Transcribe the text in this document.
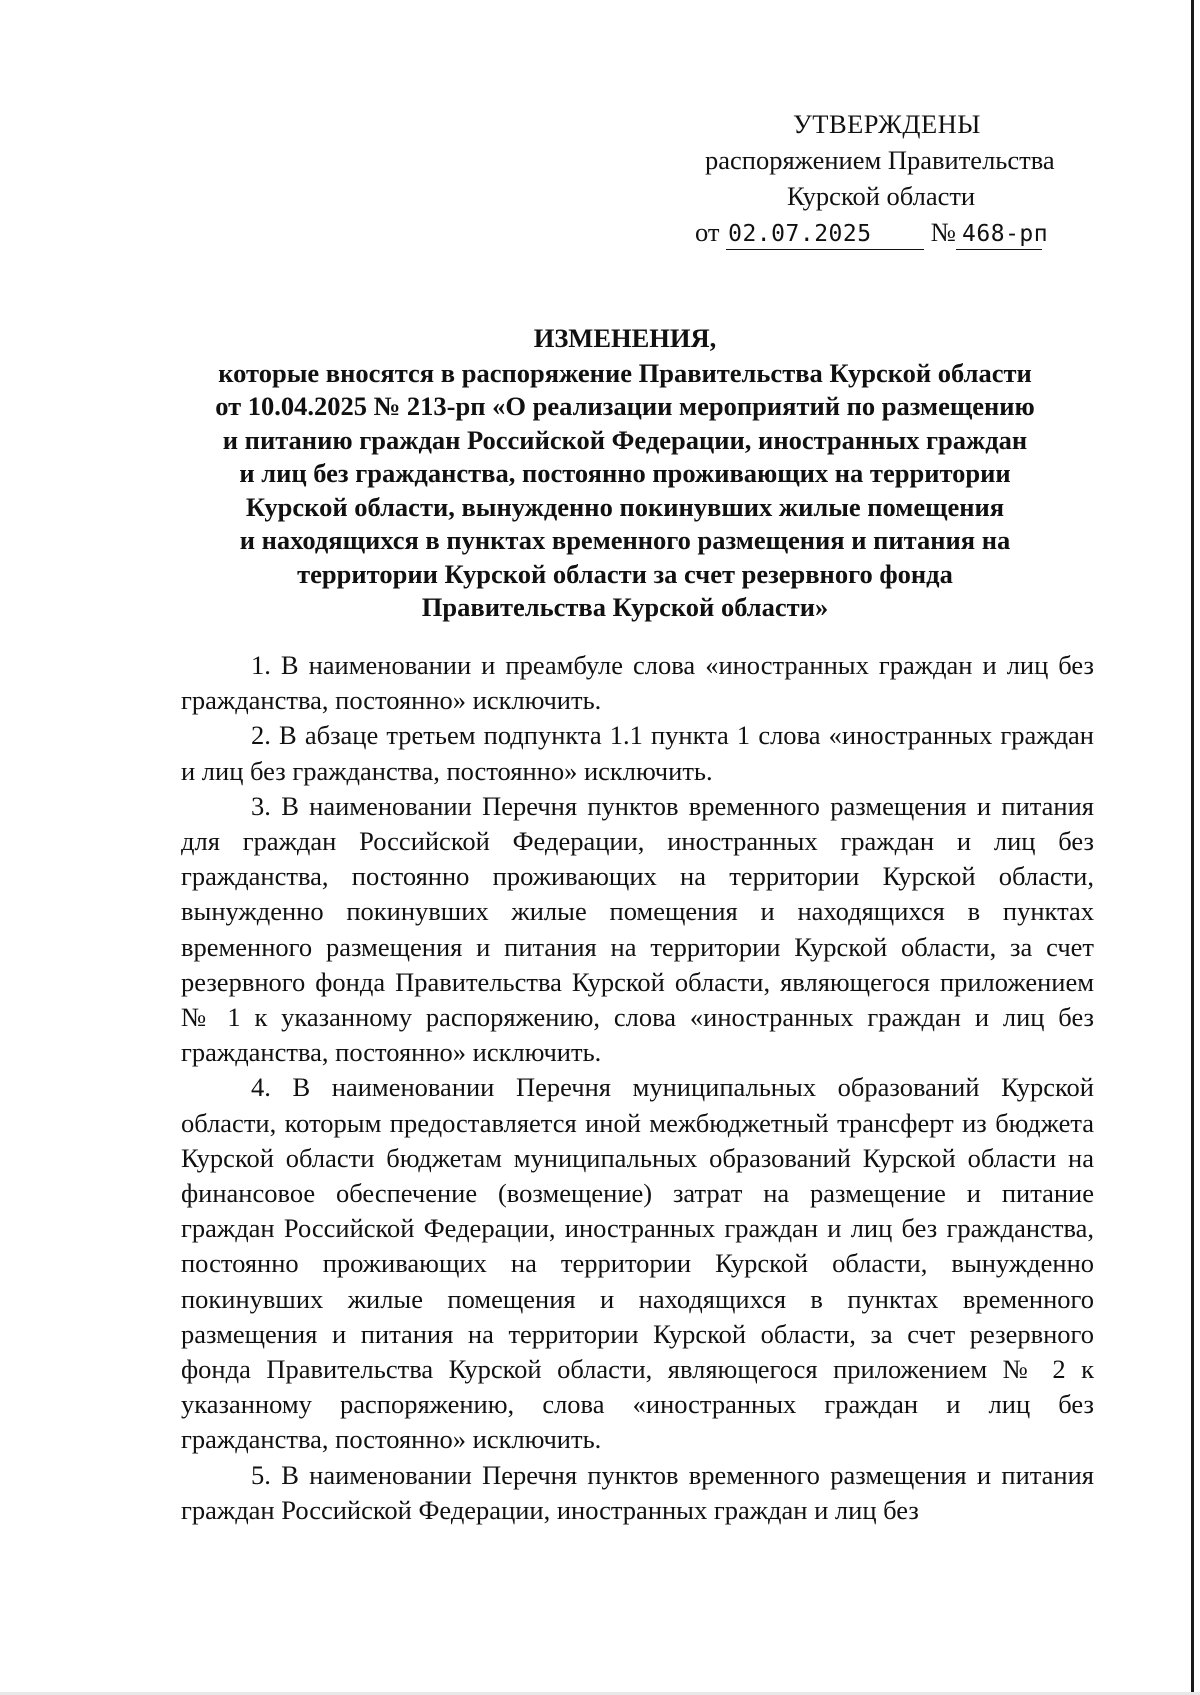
УТВЕРЖДЕНЫ
распоряжением Правительства
Курской области
от 02.07.2025 № 468-рп
ИЗМЕНЕНИЯ,
которые вносятся в распоряжение Правительства Курской области
от 10.04.2025 № 213-рп «О реализации мероприятий по размещению
и питанию граждан Российской Федерации, иностранных граждан
и лиц без гражданства, постоянно проживающих на территории
Курской области, вынужденно покинувших жилые помещения
и находящихся в пунктах временного размещения и питания на
территории Курской области за счет резервного фонда
Правительства Курской области»

1. В наименовании и преамбуле слова «иностранных граждан и лиц без гражданства, постоянно» исключить.

2. В абзаце третьем подпункта 1.1 пункта 1 слова «иностранных граждан и лиц без гражданства, постоянно» исключить.

3. В наименовании Перечня пунктов временного размещения и питания для граждан Российской Федерации, иностранных граждан и лиц без гражданства, постоянно проживающих на территории Курской области, вынужденно покинувших жилые помещения и находящихся в пунктах временного размещения и питания на территории Курской области, за счет резервного фонда Правительства Курской области, являющегося приложением № 1 к указанному распоряжению, слова «иностранных граждан и лиц без гражданства, постоянно» исключить.

4. В наименовании Перечня муниципальных образований Курской области, которым предоставляется иной межбюджетный трансферт из бюджета Курской области бюджетам муниципальных образований Курской области на финансовое обеспечение (возмещение) затрат на размещение и питание граждан Российской Федерации, иностранных граждан и лиц без гражданства, постоянно проживающих на территории Курской области, вынужденно покинувших жилые помещения и находящихся в пунктах временного размещения и питания на территории Курской области, за счет резервного фонда Правительства Курской области, являющегося приложением № 2 к указанному распоряжению, слова «иностранных граждан и лиц без гражданства, постоянно» исключить.

5. В наименовании Перечня пунктов временного размещения и питания граждан Российской Федерации, иностранных граждан и лиц без
